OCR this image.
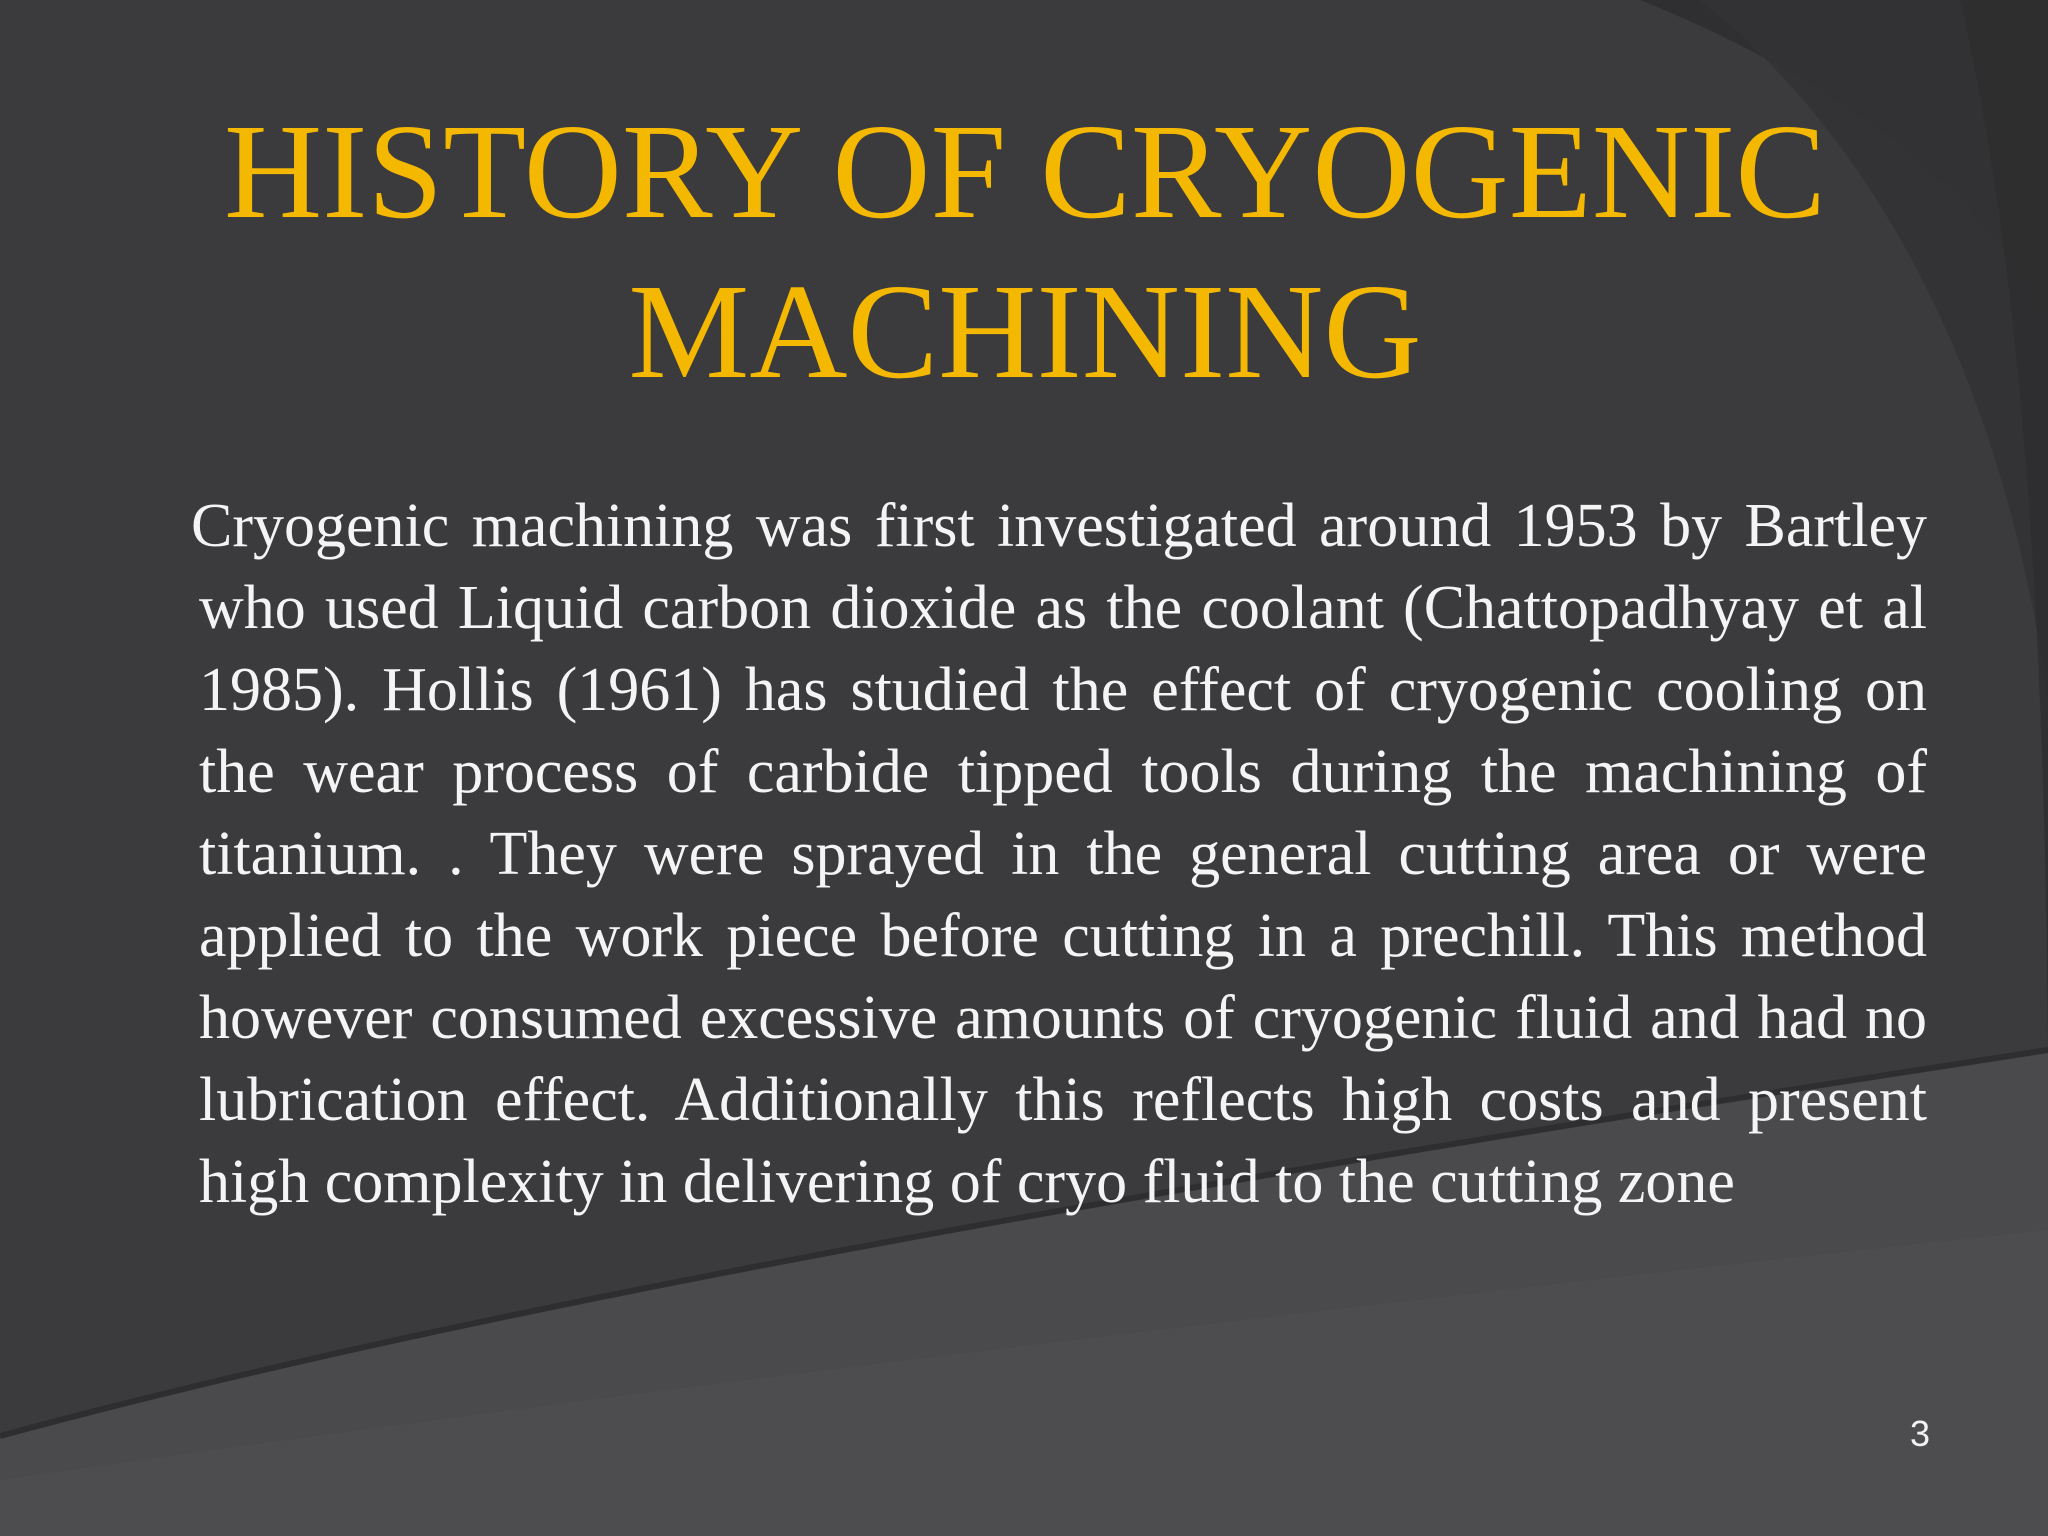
HISTORY OF CRYOGENIC
MACHINING

Cryogenic machining was first investigated around 1953 by Bartley who used Liquid carbon dioxide as the coolant (Chattopadhyay et al 1985). Hollis (1961) has studied the effect of cryogenic cooling on the wear process of carbide tipped tools during the machining of titanium. . They were sprayed in the general cutting area or were applied to the work piece before cutting in a prechill. This method however consumed excessive amounts of cryogenic fluid and had no lubrication effect. Additionally this reflects high costs and present high complexity in delivering of cryo fluid to the cutting zone

3
